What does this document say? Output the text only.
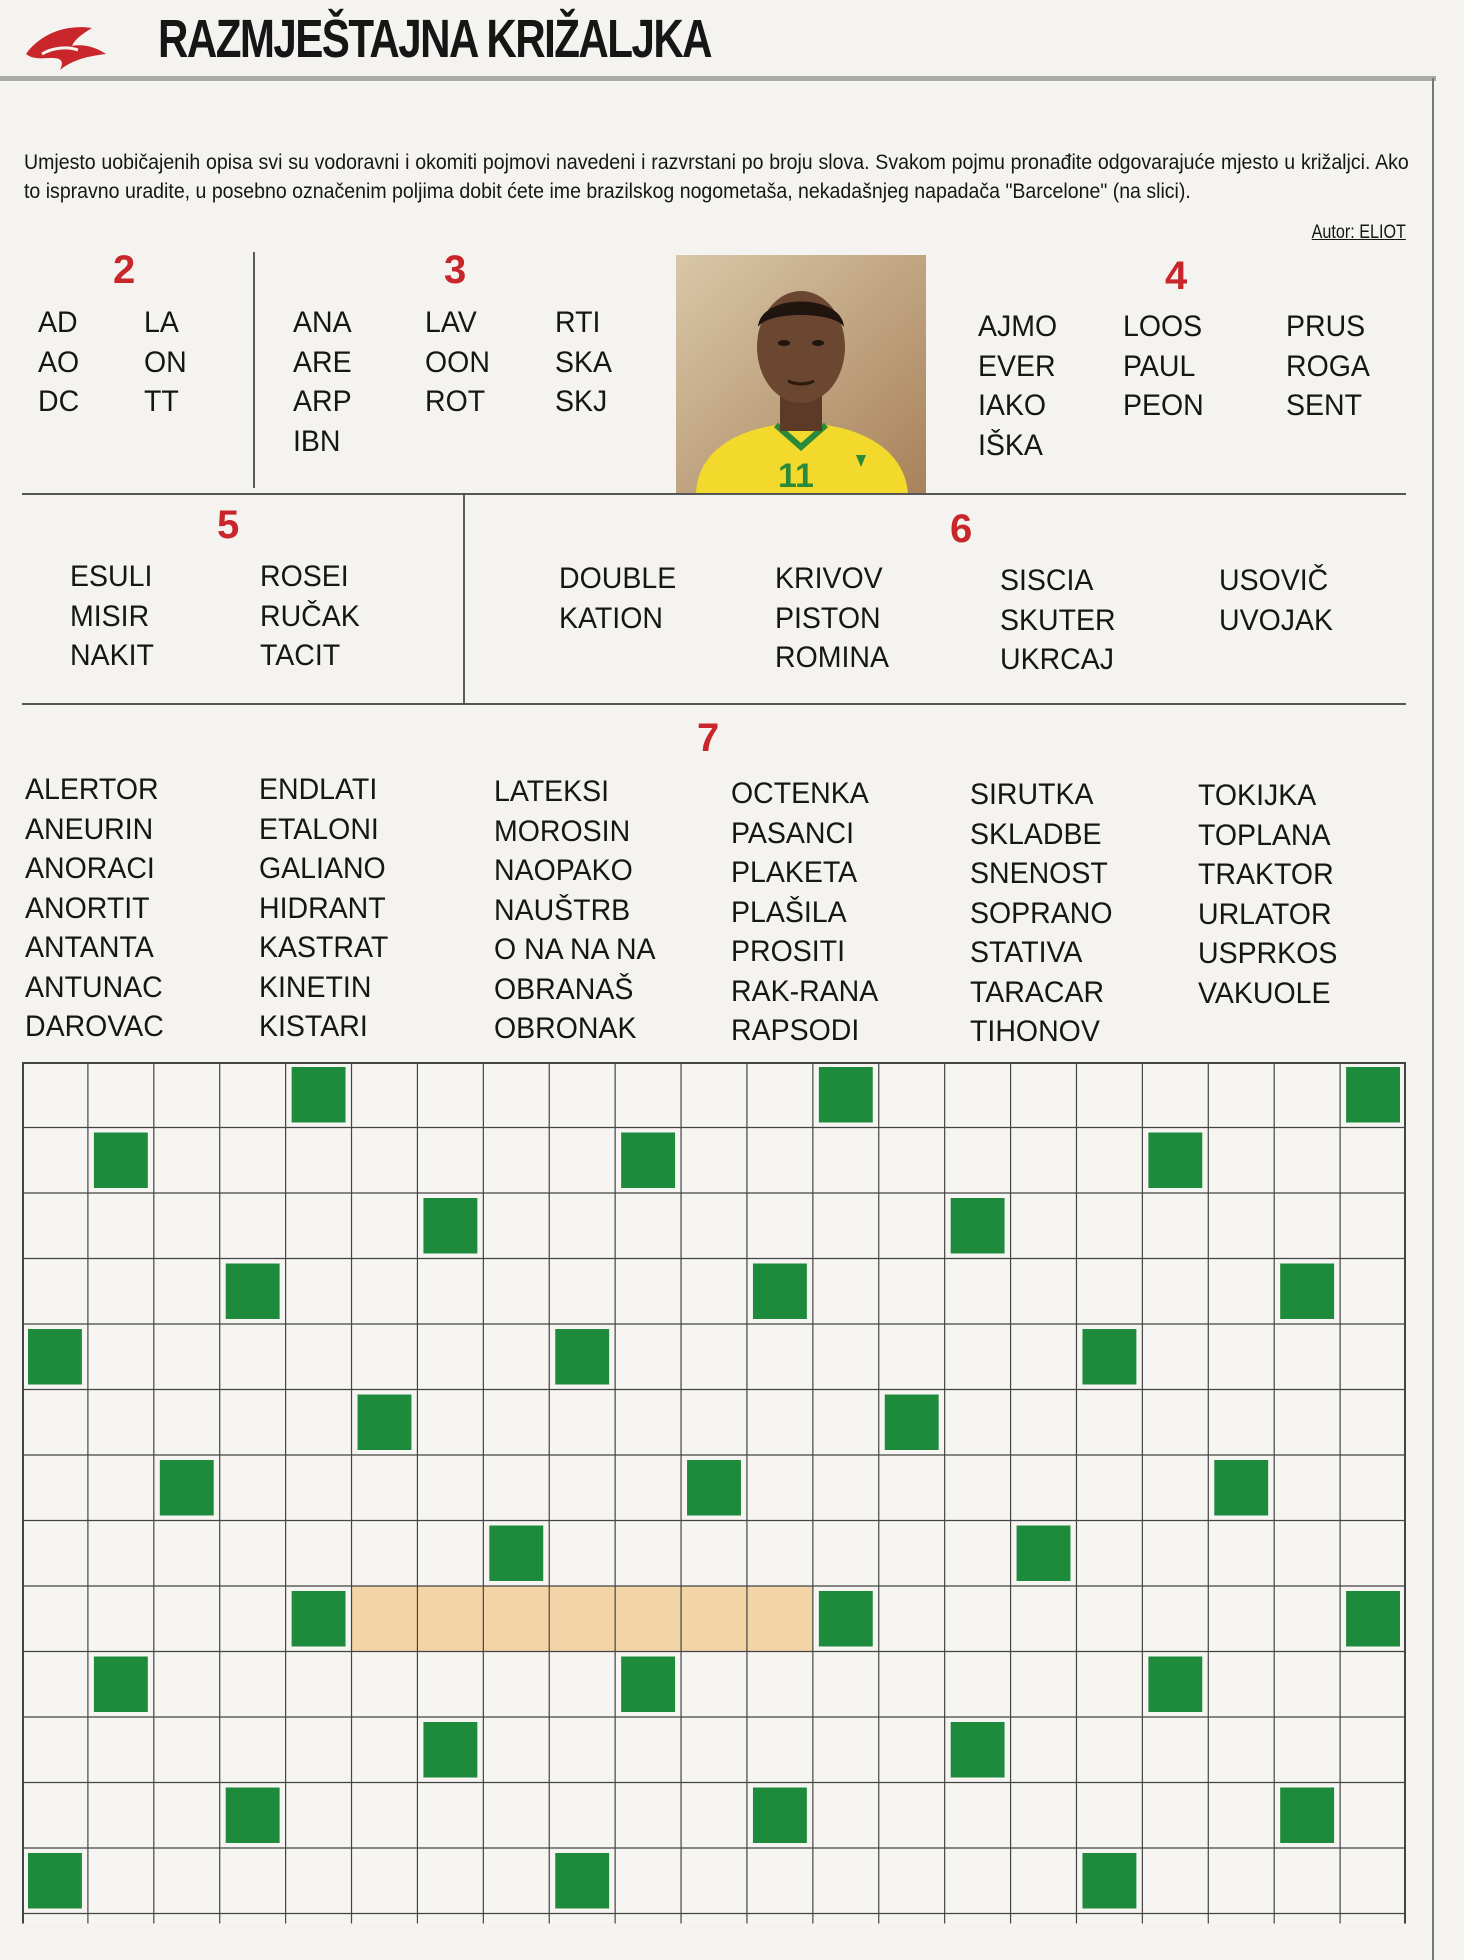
RAZMJEŠTAJNA KRIŽALJKA
Umjesto uobičajenih opisa svi su vodoravni i okomiti pojmovi navedeni i razvrstani po broju slova. Svakom pojmu pronađite odgovarajuće mjesto u križaljci. Ako to ispravno uradite, u posebno označenim poljima dobit ćete ime brazilskog nogometaša, nekadašnjeg napadača "Barcelone" (na slici).
Autor: ELIOT
2
AD
AO
DC
LA
ON
TT
3
ANA
ARE
ARP
IBN
LAV
OON
ROT
RTI
SKA
SKJ
11
4
AJMO
EVER
IAKO
IŠKA
LOOS
PAUL
PEON
PRUS
ROGA
SENT
5
ESULI
MISIR
NAKIT
ROSEI
RUČAK
TACIT
6
DOUBLE
KATION
KRIVOV
PISTON
ROMINA
SISCIA
SKUTER
UKRCAJ
USOVIČ
UVOJAK
7
ALERTOR
ANEURIN
ANORACI
ANORTIT
ANTANTA
ANTUNAC
DAROVAC
ENDLATI
ETALONI
GALIANO
HIDRANT
KASTRAT
KINETIN
KISTARI
LATEKSI
MOROSIN
NAOPAKO
NAUŠTRB
O NA NA NA
OBRANAŠ
OBRONAK
OCTENKA
PASANCI
PLAKETA
PLAŠILA
PROSITI
RAK-RANA
RAPSODI
SIRUTKA
SKLADBE
SNENOST
SOPRANO
STATIVA
TARACAR
TIHONOV
TOKIJKA
TOPLANA
TRAKTOR
URLATOR
USPRKOS
VAKUOLE
